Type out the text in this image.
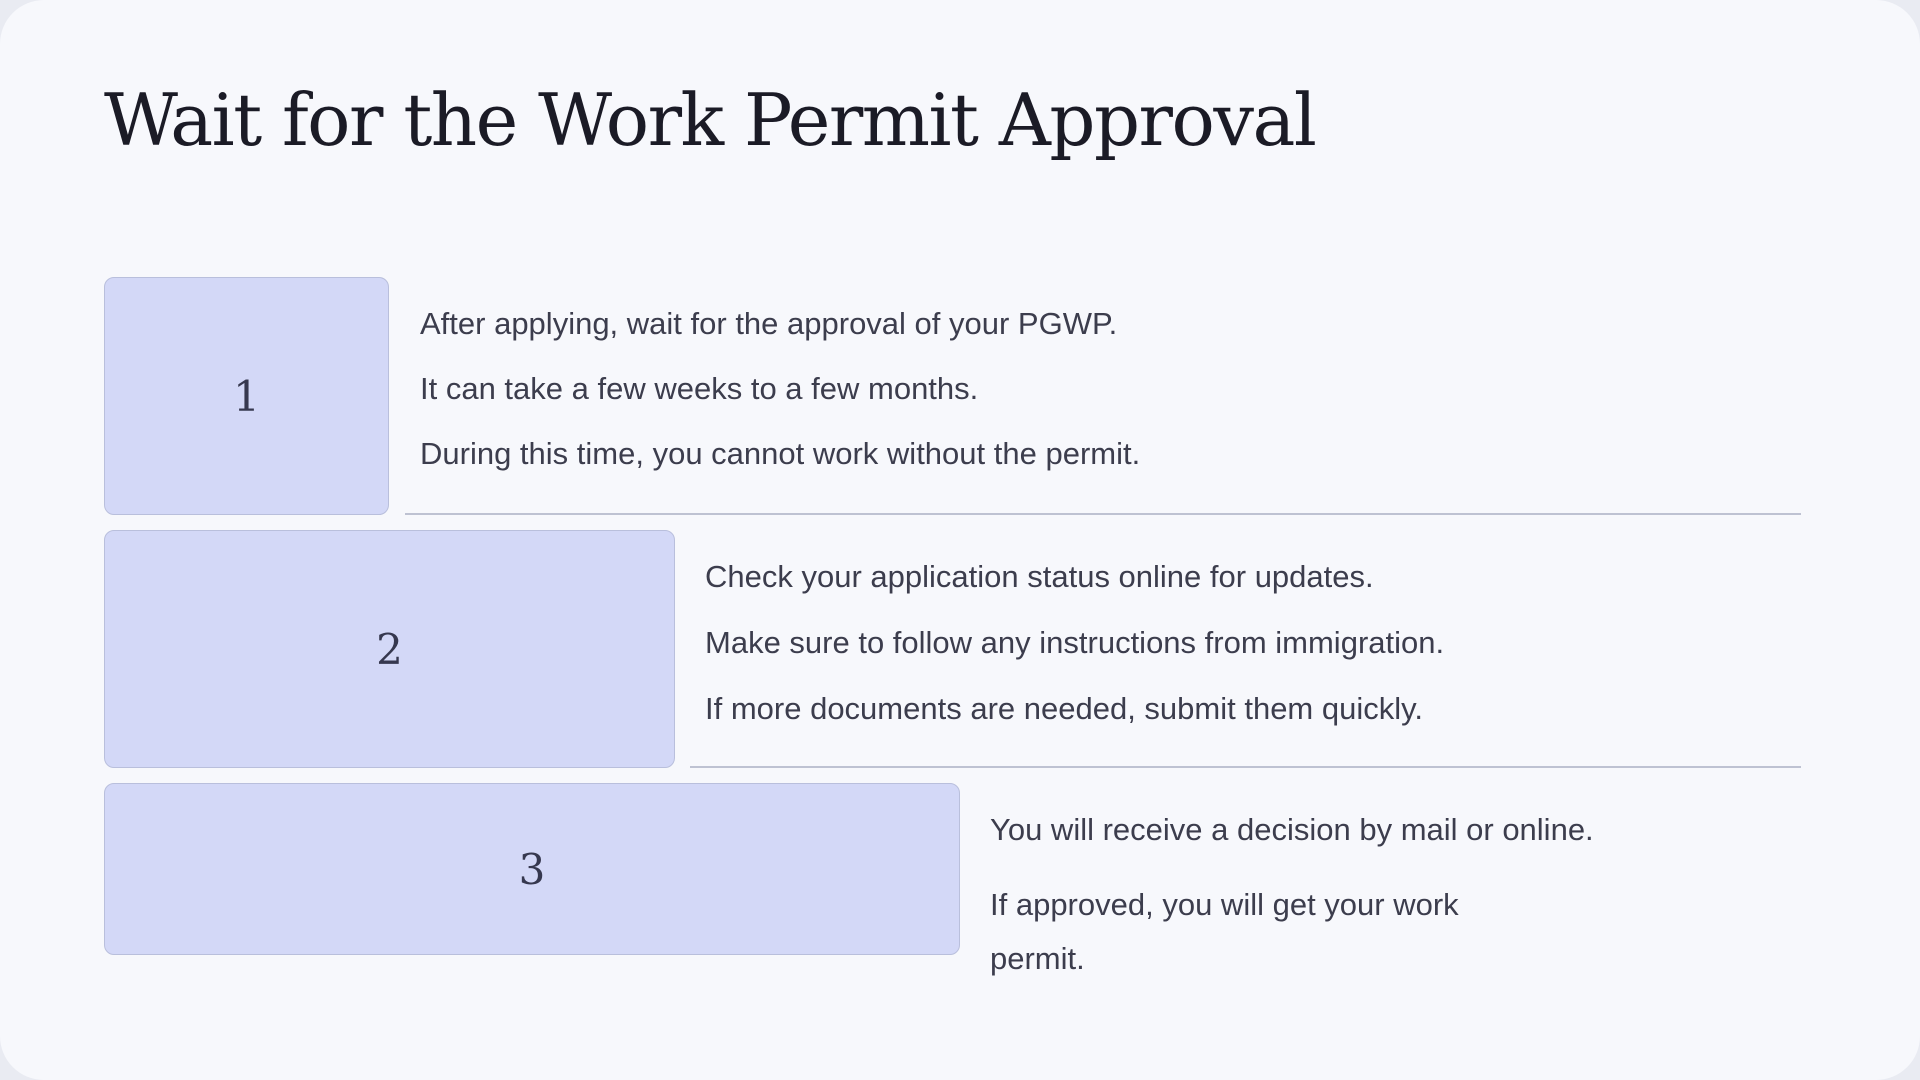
Wait for the Work Permit Approval
1

After applying, wait for the approval of your PGWP.

It can take a few weeks to a few months.

During this time, you cannot work without the permit.

2

Check your application status online for updates.

Make sure to follow any instructions from immigration.

If more documents are needed, submit them quickly.

3

You will receive a decision by mail or online.

If approved, you will get your work permit.
